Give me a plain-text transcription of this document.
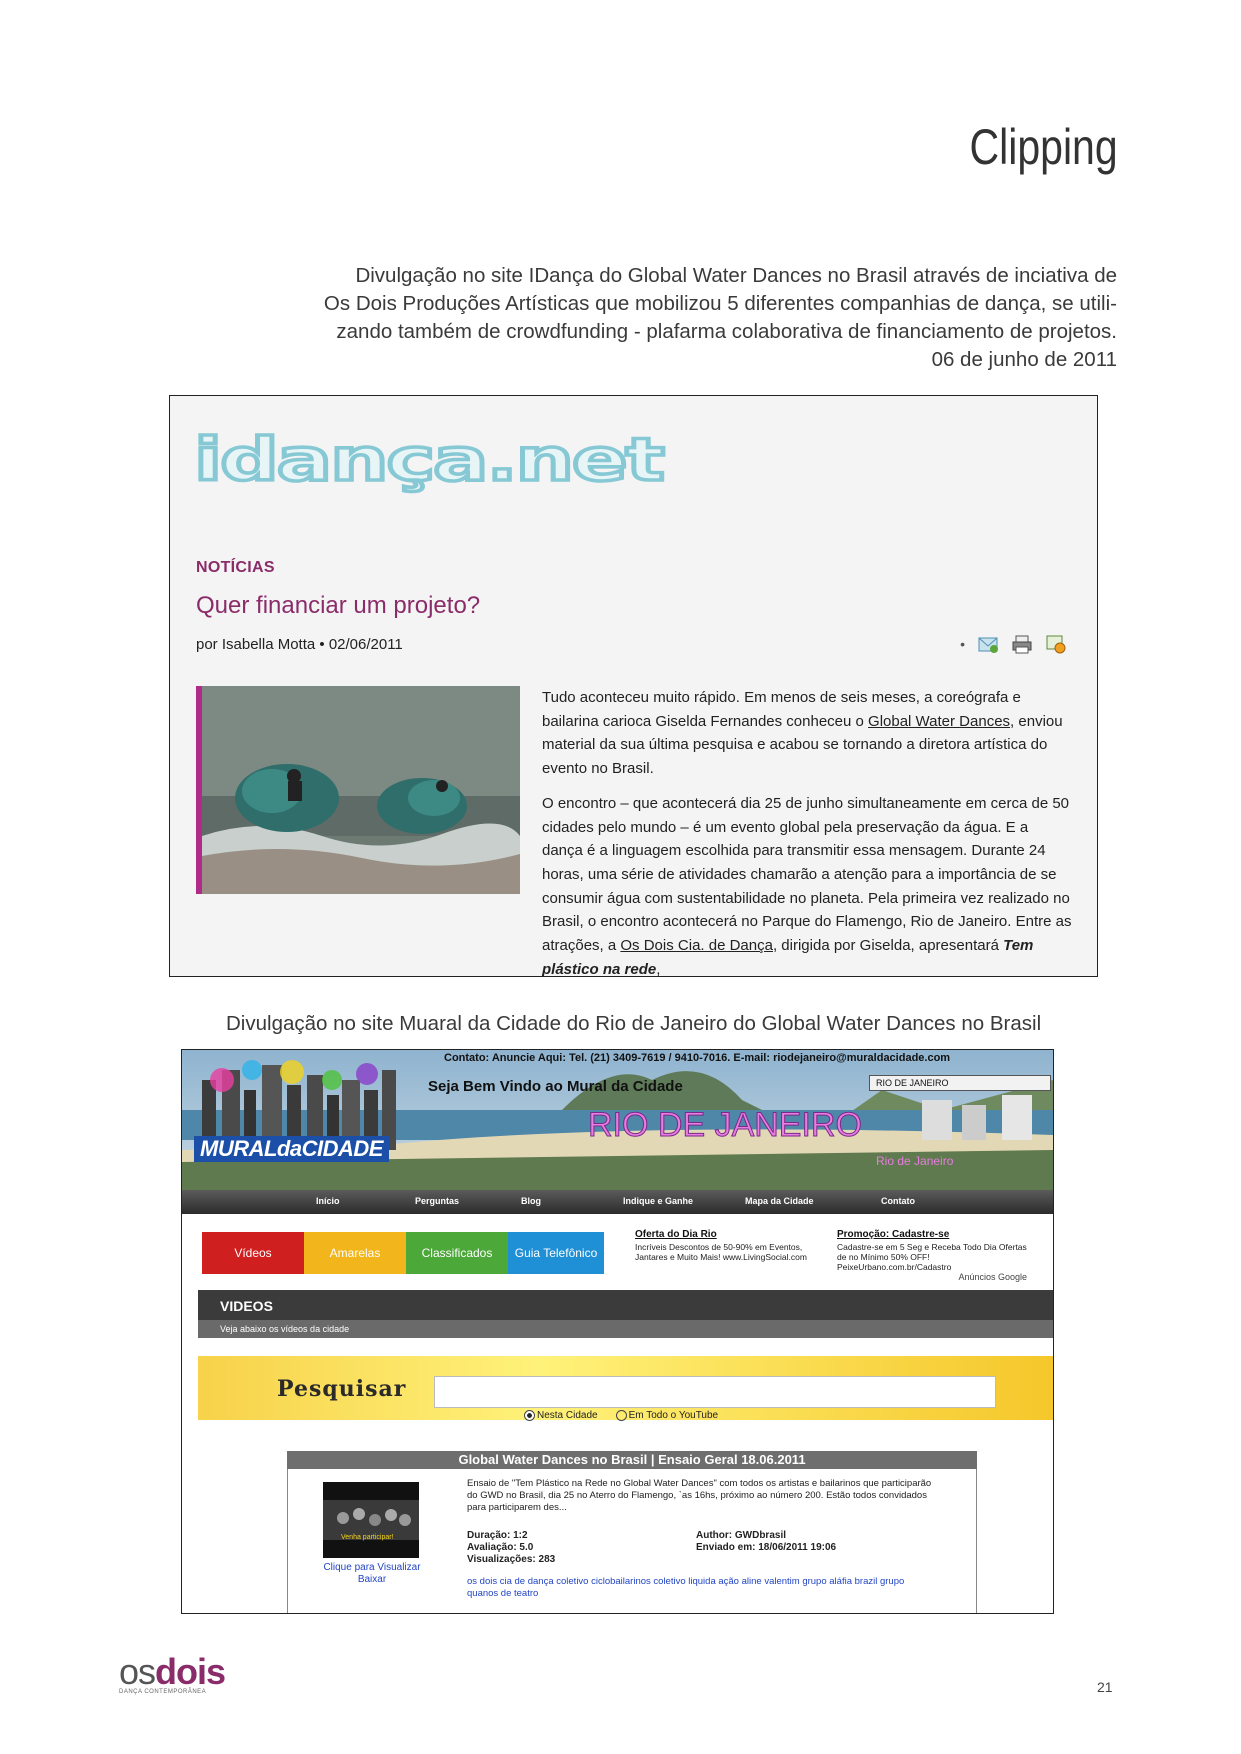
Clipping
Divulgação no site IDança do Global Water Dances no Brasil através de inciativa de
Os Dois Produções Artísticas que mobilizou 5 diferentes companhias de dança, se utili-
zando também de crowdfunding - plafarma colaborativa de financiamento de projetos.
06 de junho de 2011
idança.net
NOTÍCIAS
Quer financiar um projeto?
por Isabella Motta • 02/06/2011	•

Tudo aconteceu muito rápido. Em menos de seis meses, a coreógrafa e bailarina carioca Giselda Fernandes conheceu o Global Water Dances, enviou material da sua última pesquisa e acabou se tornando a diretora artística do evento no Brasil.

O encontro – que acontecerá dia 25 de junho simultaneamente em cerca de 50 cidades pelo mundo – é um evento global pela preservação da água. E a dança é a linguagem escolhida para transmitir essa mensagem. Durante 24 horas, uma série de atividades chamarão a atenção para a importância de se consumir água com sustentabilidade no planeta. Pela primeira vez realizado no Brasil, o encontro acontecerá no Parque do Flamengo, Rio de Janeiro. Entre as atrações, a Os Dois Cia. de Dança, dirigida por Giselda, apresentará Tem plástico na rede,

Divulgação no site Muaral da Cidade do Rio de Janeiro do Global Water Dances no Brasil
Contato: Anuncie Aqui: Tel. (21) 3409-7619 / 9410-7016. E-mail: riodejaneiro@muraldacidade.com
Seja Bem Vindo ao Mural da Cidade	RIO DE JANEIRO
RIO DE JANEIRO
Rio de Janeiro
MURALdaCIDADE
Início	Perguntas	Blog	Indique e Ganhe	Mapa da Cidade	Contato
Vídeos	Amarelas	Classificados	Guia Telefônico
Oferta do Dia Rio
Incríveis Descontos de 50-90% em Eventos, Jantares e Muito Mais! www.LivingSocial.com
Promoção: Cadastre-se
Cadastre-se em 5 Seg e Receba Todo Dia Ofertas de no Mínimo 50% OFF! PeixeUrbano.com.br/Cadastro
Anúncios Google
VIDEOS
Veja abaixo os vídeos da cidade
Pesquisar
Nesta Cidade	Em Todo o YouTube
Global Water Dances no Brasil | Ensaio Geral 18.06.2011
Venha participar!
Clique para Visualizar
Baixar
Ensaio de "Tem Plástico na Rede no Global Water Dances" com todos os artistas e bailarinos que participarão do GWD no Brasil, dia 25 no Aterro do Flamengo, `as 16hs, próximo ao número 200. Estão todos convidados para participarem des...
Duração: 1:2
Avaliação: 5.0
Visualizações: 283
Author: GWDbrasil
Enviado em: 18/06/2011 19:06
os dois cia de dança coletivo ciclobailarinos coletivo liquida ação aline valentim grupo aláfia brazil grupo quanos de teatro
osdois
DANÇA CONTEMPORÂNEA	21
